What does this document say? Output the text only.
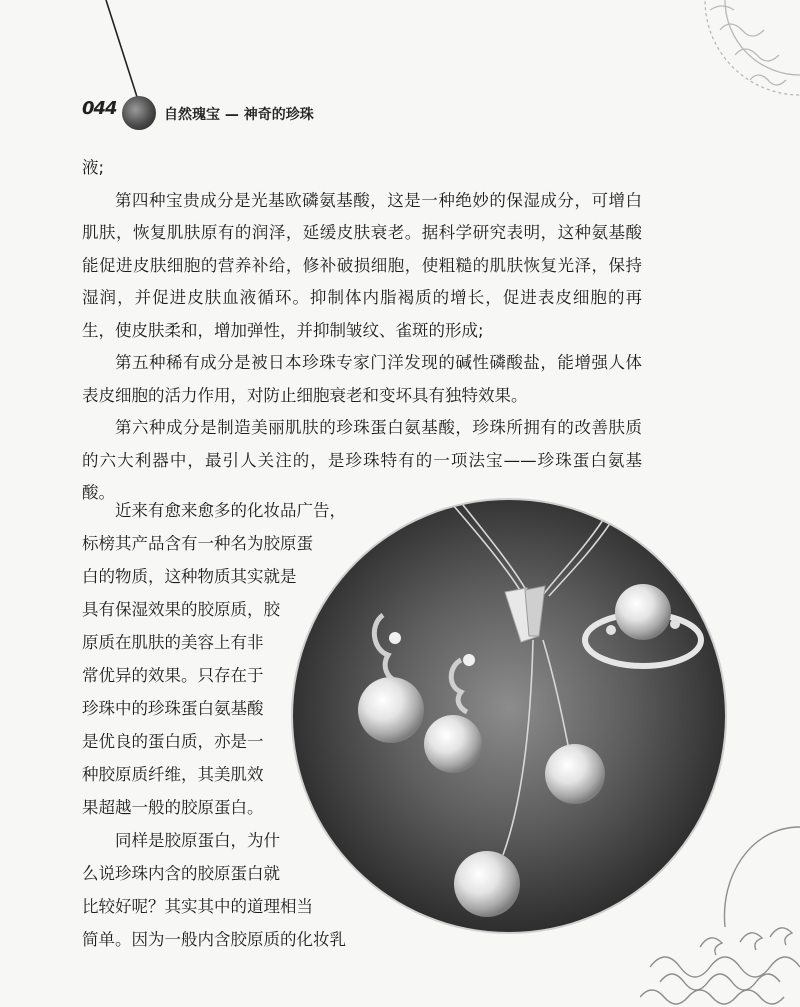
044	自然瑰宝 — 神奇的珍珠

液;

第四种宝贵成分是光基欧磷氨基酸，这是一种绝妙的保湿成分，可增白肌肤，恢复肌肤原有的润泽，延缓皮肤衰老。据科学研究表明，这种氨基酸能促进皮肤细胞的营养补给，修补破损细胞，使粗糙的肌肤恢复光泽，保持湿润，并促进皮肤血液循环。抑制体内脂褐质的增长，促进表皮细胞的再生，使皮肤柔和，增加弹性，并抑制皱纹、雀斑的形成;

第五种稀有成分是被日本珍珠专家门洋发现的碱性磷酸盐，能增强人体表皮细胞的活力作用，对防止细胞衰老和变坏具有独特效果。

第六种成分是制造美丽肌肤的珍珠蛋白氨基酸，珍珠所拥有的改善肤质的六大利器中，最引人关注的，是珍珠特有的一项法宝——珍珠蛋白氨基酸。

　　近来有愈来愈多的化妆品广告，
标榜其产品含有一种名为胶原蛋
白的物质，这种物质其实就是
具有保湿效果的胶原质，胶
原质在肌肤的美容上有非
常优异的效果。只存在于
珍珠中的珍珠蛋白氨基酸
是优良的蛋白质，亦是一
种胶原质纤维，其美肌效
果超越一般的胶原蛋白。
　　同样是胶原蛋白，为什
么说珍珠内含的胶原蛋白就
比较好呢？其实其中的道理相当
简单。因为一般内含胶原质的化妆乳
